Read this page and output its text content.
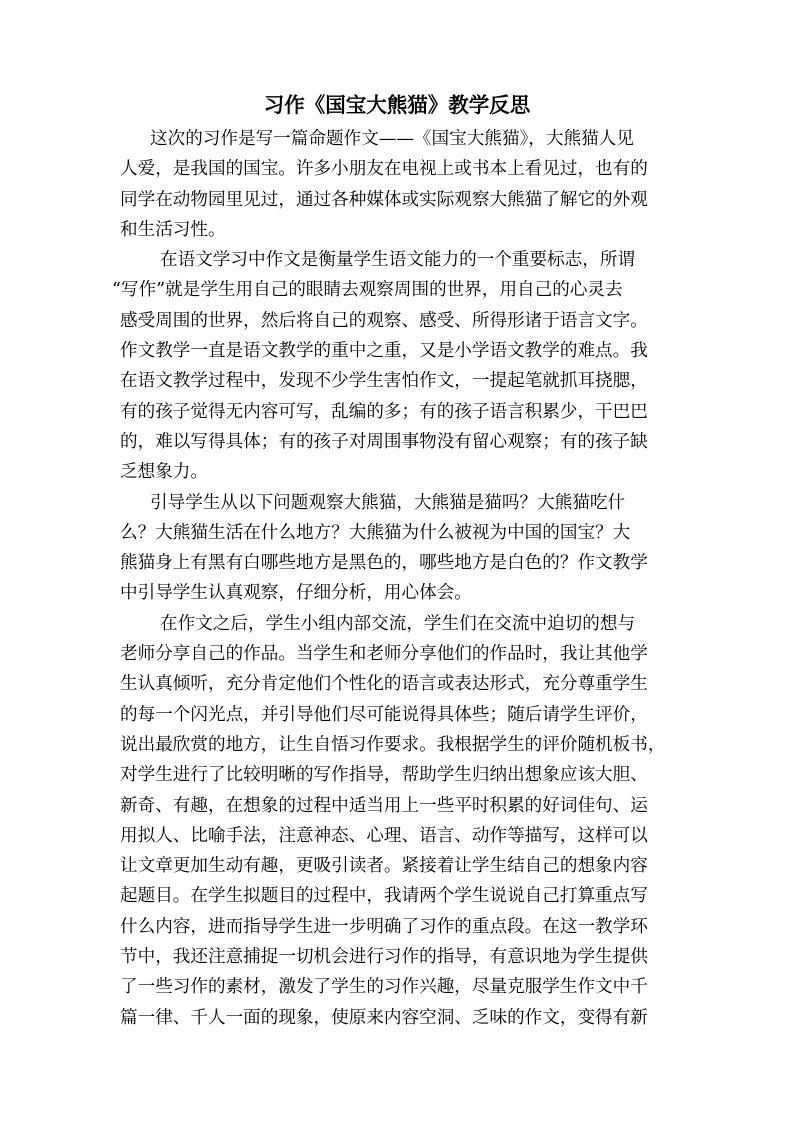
习作《国宝大熊猫》教学反思
这次的习作是写一篇命题作文——《国宝大熊猫》，大熊猫人见
人爱，是我国的国宝。许多小朋友在电视上或书本上看见过，也有的
同学在动物园里见过，通过各种媒体或实际观察大熊猫了解它的外观
和生活习性。
在语文学习中作文是衡量学生语文能力的一个重要标志，所谓
“写作”就是学生用自己的眼睛去观察周围的世界，用自己的心灵去
感受周围的世界，然后将自己的观察、感受、所得形诸于语言文字。
作文教学一直是语文教学的重中之重，又是小学语文教学的难点。我
在语文教学过程中，发现不少学生害怕作文，一提起笔就抓耳挠腮，
有的孩子觉得无内容可写，乱编的多；有的孩子语言积累少，干巴巴
的，难以写得具体；有的孩子对周围事物没有留心观察；有的孩子缺
乏想象力。
引导学生从以下问题观察大熊猫，大熊猫是猫吗？大熊猫吃什
么？大熊猫生活在什么地方？大熊猫为什么被视为中国的国宝？大
熊猫身上有黑有白哪些地方是黑色的，哪些地方是白色的？作文教学
中引导学生认真观察，仔细分析，用心体会。
在作文之后，学生小组内部交流，学生们在交流中迫切的想与
老师分享自己的作品。当学生和老师分享他们的作品时，我让其他学
生认真倾听，充分肯定他们个性化的语言或表达形式，充分尊重学生
的每一个闪光点，并引导他们尽可能说得具体些；随后请学生评价，
说出最欣赏的地方，让生自悟习作要求。我根据学生的评价随机板书，
对学生进行了比较明晰的写作指导，帮助学生归纳出想象应该大胆、
新奇、有趣，在想象的过程中适当用上一些平时积累的好词佳句、运
用拟人、比喻手法，注意神态、心理、语言、动作等描写，这样可以
让文章更加生动有趣，更吸引读者。紧接着让学生结自己的想象内容
起题目。在学生拟题目的过程中，我请两个学生说说自己打算重点写
什么内容，进而指导学生进一步明确了习作的重点段。在这一教学环
节中，我还注意捕捉一切机会进行习作的指导，有意识地为学生提供
了一些习作的素材，激发了学生的习作兴趣，尽量克服学生作文中千
篇一律、千人一面的现象，使原来内容空洞、乏味的作文，变得有新
